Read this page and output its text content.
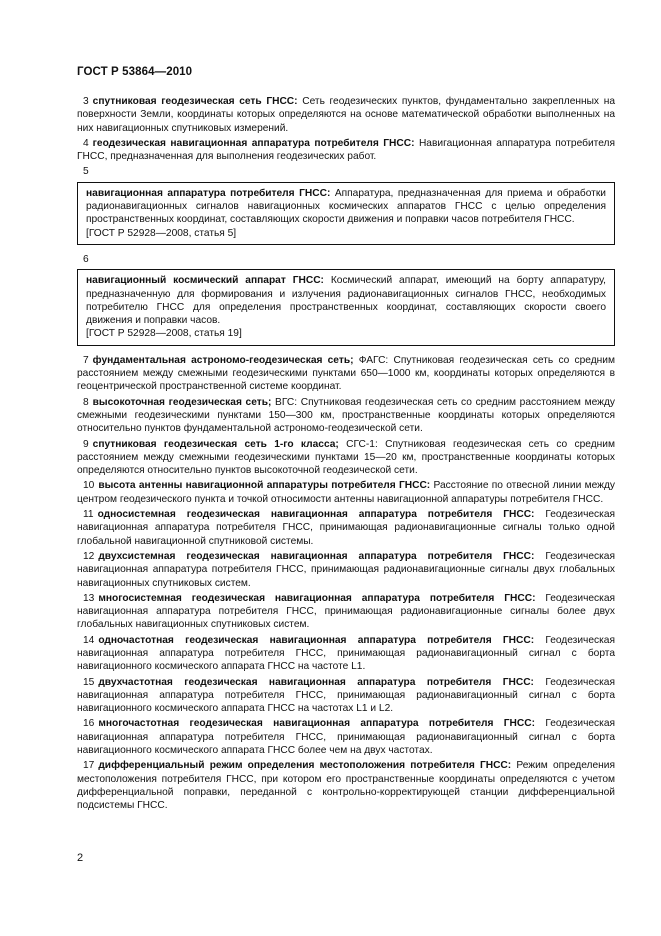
ГОСТ Р 53864—2010

3 спутниковая геодезическая сеть ГНСС: Сеть геодезических пунктов, фундаментально закрепленных на поверхности Земли, координаты которых определяются на основе математической обработки выполненных на них навигационных спутниковых измерений.

4 геодезическая навигационная аппаратура потребителя ГНСС: Навигационная аппаратура потребителя ГНСС, предназначенная для выполнения геодезических работ.

5

навигационная аппаратура потребителя ГНСС: Аппаратура, предназначенная для приема и обработки радионавигационных сигналов навигационных космических аппаратов ГНСС с целью определения пространственных координат, составляющих скорости движения и поправки часов потребителя ГНСС.

[ГОСТ Р 52928—2008, статья 5]

6

навигационный космический аппарат ГНСС: Космический аппарат, имеющий на борту аппаратуру, предназначенную для формирования и излучения радионавигационных сигналов ГНСС, необходимых потребителю ГНСС для определения пространственных координат, составляющих скорости своего движения и поправки часов.

[ГОСТ Р 52928—2008, статья 19]

7 фундаментальная астрономо-геодезическая сеть; ФАГС: Спутниковая геодезическая сеть со средним расстоянием между смежными геодезическими пунктами 650—1000 км, координаты которых определяются в геоцентрической пространственной системе координат.

8 высокоточная геодезическая сеть; ВГС: Спутниковая геодезическая сеть со средним расстоянием между смежными геодезическими пунктами 150—300 км, пространственные координаты которых определяются относительно пунктов фундаментальной астрономо-геодезической сети.

9 спутниковая геодезическая сеть 1-го класса; СГС-1: Спутниковая геодезическая сеть со средним расстоянием между смежными геодезическими пунктами 15—20 км, пространственные координаты которых определяются относительно пунктов высокоточной геодезической сети.

10 высота антенны навигационной аппаратуры потребителя ГНСС: Расстояние по отвесной линии между центром геодезического пункта и точкой относимости антенны навигационной аппаратуры потребителя ГНСС.

11 односистемная геодезическая навигационная аппаратура потребителя ГНСС: Геодезическая навигационная аппаратура потребителя ГНСС, принимающая радионавигационные сигналы только одной глобальной навигационной спутниковой системы.

12 двухсистемная геодезическая навигационная аппаратура потребителя ГНСС: Геодезическая навигационная аппаратура потребителя ГНСС, принимающая радионавигационные сигналы двух глобальных навигационных спутниковых систем.

13 многосистемная геодезическая навигационная аппаратура потребителя ГНСС: Геодезическая навигационная аппаратура потребителя ГНСС, принимающая радионавигационные сигналы более двух глобальных навигационных спутниковых систем.

14 одночастотная геодезическая навигационная аппаратура потребителя ГНСС: Геодезическая навигационная аппаратура потребителя ГНСС, принимающая радионавигационный сигнал с борта навигационного космического аппарата ГНСС на частоте L1.

15 двухчастотная геодезическая навигационная аппаратура потребителя ГНСС: Геодезическая навигационная аппаратура потребителя ГНСС, принимающая радионавигационный сигнал с борта навигационного космического аппарата ГНСС на частотах L1 и L2.

16 многочастотная геодезическая навигационная аппаратура потребителя ГНСС: Геодезическая навигационная аппаратура потребителя ГНСС, принимающая радионавигационный сигнал с борта навигационного космического аппарата ГНСС более чем на двух частотах.

17 дифференциальный режим определения местоположения потребителя ГНСС: Режим определения местоположения потребителя ГНСС, при котором его пространственные координаты определяются с учетом дифференциальной поправки, переданной с контрольно-корректирующей станции дифференциальной подсистемы ГНСС.

2
